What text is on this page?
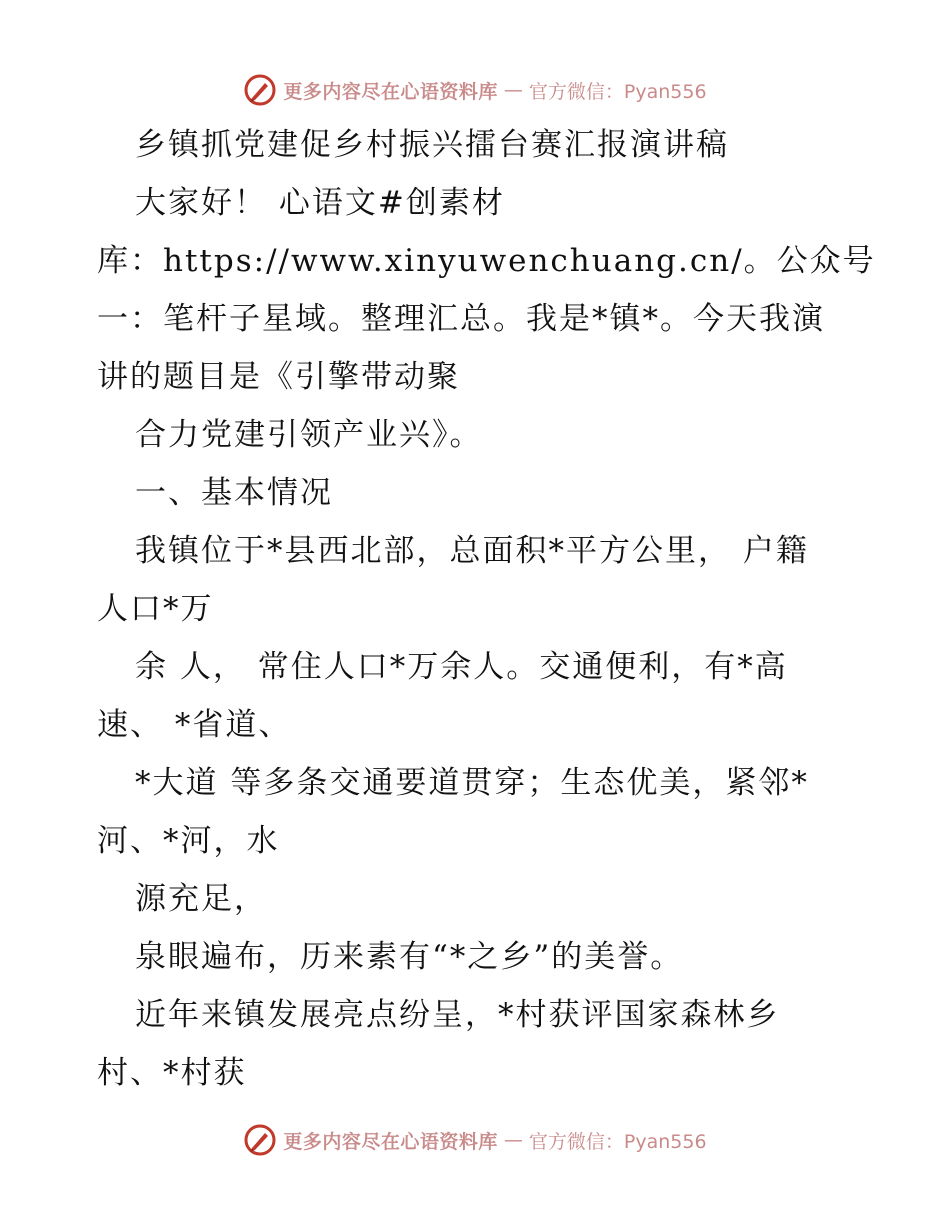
更多内容尽在心语资料库 — 官方微信：Pyan556
乡镇抓党建促乡村振兴擂台赛汇报演讲稿
大家好！ 心语文#创素材
库：https://www.xinyuwenchuang.cn/。公众号
一：笔杆子星域。整理汇总。我是*镇*。今天我演
讲的题目是《引擎带动聚
合力党建引领产业兴》。
一、基本情况
我镇位于*县西北部，总面积*平方公里， 户籍
人口*万
余 人， 常住人口*万余人。交通便利，有*高
速、 *省道、
*大道 等多条交通要道贯穿；生态优美，紧邻*
河、*河，水
源充足，
泉眼遍布，历来素有“*之乡”的美誉。
近年来镇发展亮点纷呈，*村获评国家森林乡
村、*村获
更多内容尽在心语资料库 — 官方微信：Pyan556
